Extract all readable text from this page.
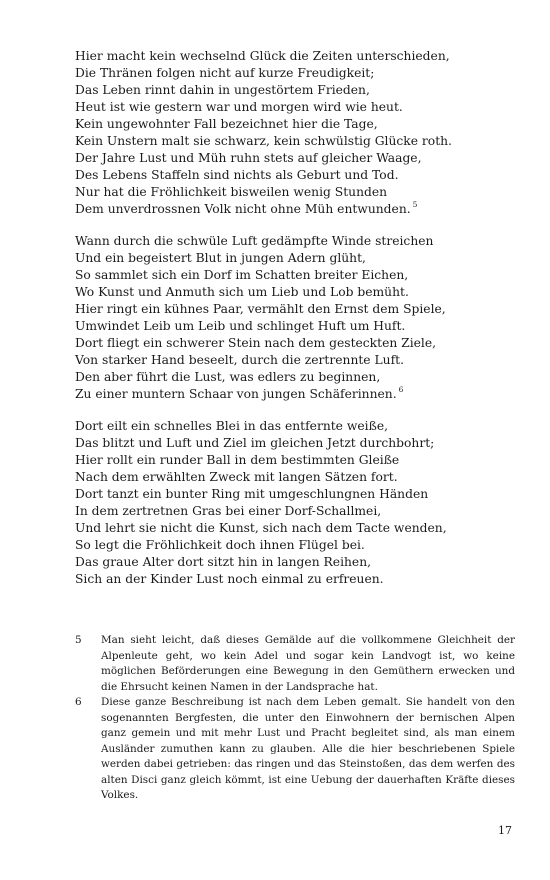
Hier macht kein wechselnd Glück die Zeiten unterschieden,
Die Thränen folgen nicht auf kurze Freudigkeit;
Das Leben rinnt dahin in ungestörtem Frieden,
Heut ist wie gestern war und morgen wird wie heut.
Kein ungewohnter Fall bezeichnet hier die Tage,
Kein Unstern malt sie schwarz, kein schwülstig Glücke roth.
Der Jahre Lust und Müh ruhn stets auf gleicher Waage,
Des Lebens Staffeln sind nichts als Geburt und Tod.
Nur hat die Fröhlichkeit bisweilen wenig Stunden
Dem unverdrossnen Volk nicht ohne Müh entwunden. $^5$
Wann durch die schwüle Luft gedämpfte Winde streichen
Und ein begeistert Blut in jungen Adern glüht,
So sammlet sich ein Dorf im Schatten breiter Eichen,
Wo Kunst und Anmuth sich um Lieb und Lob bemüht.
Hier ringt ein kühnes Paar, vermählt den Ernst dem Spiele,
Umwindet Leib um Leib und schlinget Huft um Huft.
Dort fliegt ein schwerer Stein nach dem gesteckten Ziele,
Von starker Hand beseelt, durch die zertrennte Luft.
Den aber führt die Lust, was edlers zu beginnen,
Zu einer muntern Schaar von jungen Schäferinnen. $^6$
Dort eilt ein schnelles Blei in das entfernte weiße,
Das blitzt und Luft und Ziel im gleichen Jetzt durchbohrt;
Hier rollt ein runder Ball in dem bestimmten Gleiße
Nach dem erwählten Zweck mit langen Sätzen fort.
Dort tanzt ein bunter Ring mit umgeschlungnen Händen
In dem zertretnen Gras bei einer Dorf-Schallmei,
Und lehrt sie nicht die Kunst, sich nach dem Tacte wenden,
So legt die Fröhlichkeit doch ihnen Flügel bei.
Das graue Alter dort sitzt hin in langen Reihen,
Sich an der Kinder Lust noch einmal zu erfreuen.
5	Man sieht leicht, daß dieses Gemälde auf die vollkommene Gleichheit der Alpenleute geht, wo kein Adel und sogar kein Landvogt ist, wo keine möglichen Beförderungen eine Bewegung in den Gemüthern erwecken und die Ehrsucht keinen Namen in der Landsprache hat.
6	Diese ganze Beschreibung ist nach dem Leben gemalt. Sie handelt von den sogenannten Bergfesten, die unter den Einwohnern der bernischen Alpen ganz gemein und mit mehr Lust und Pracht begleitet sind, als man einem Ausländer zumuthen kann zu glauben. Alle die hier beschriebenen Spiele werden dabei getrieben: das ringen und das Steinstoßen, das dem werfen des alten Disci ganz gleich kömmt, ist eine Uebung der dauerhaften Kräfte dieses Volkes.
17
